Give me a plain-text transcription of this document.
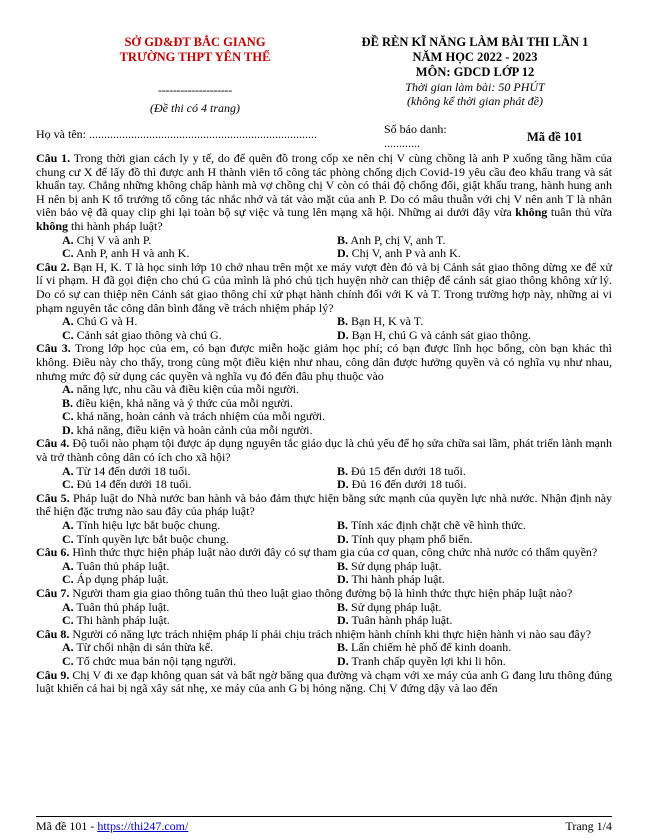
SỞ GD&ĐT BẮC GIANG
TRƯỜNG THPT YÊN THẾ
--------------------
(Đề thi có 4 trang)
ĐỀ RÈN KĨ NĂNG LÀM BÀI THI LẦN 1
NĂM HỌC 2022 - 2023
MÔN: GDCD LỚP 12
Thời gian làm bài: 50 PHÚT
(không kể thời gian phát đề)
Họ và tên: ............................................................................	Số báo danh:
............	Mã đề 101
Câu 1. Trong thời gian cách ly y tế, do để quên đồ trong cốp xe nên chị V cùng chồng là anh P xuống tầng hầm của chung cư X để lấy đồ thì được anh H thành viên tổ công tác phòng chống dịch Covid-19 yêu cầu đeo khẩu trang và sát khuẩn tay. Chẳng những không chấp hành mà vợ chồng chị V còn có thái độ chống đối, giật khẩu trang, hành hung anh H nên bị anh K tổ trưởng tổ công tác nhắc nhở và tát vào mặt của anh P. Do có mâu thuẫn với chị V nên anh T là nhân viên bảo vệ đã quay clip ghi lại toàn bộ sự việc và tung lên mạng xã hội. Những ai dưới đây vừa không tuân thủ vừa không thi hành pháp luật?
A. Chị V và anh P.	B. Anh P, chị V, anh T.
C. Anh P, anh H và anh K.	D. Chị V, anh P và anh K.
Câu 2. Bạn H, K. T là học sinh lớp 10 chở nhau trên một xe máy vượt đèn đỏ và bị Cảnh sát giao thông dừng xe để xử lí vi phạm. H đã gọi điện cho chú G của mình là phó chủ tịch huyện nhờ can thiệp để cảnh sát giao thông không xử lý. Do có sự can thiệp nên Cảnh sát giao thông chỉ xử phạt hành chính đối với K và T. Trong trường hợp này, những ai vi phạm nguyên tắc công dân bình đẳng về trách nhiệm pháp lý?
A. Chú G và H.	B. Bạn H, K và T.
C. Cảnh sát giao thông và chú G.	D. Bạn H, chú G và cảnh sát giao thông.
Câu 3. Trong lớp học của em, có bạn được miễn hoặc giảm học phí; có bạn được lĩnh học bổng, còn bạn khác thì không. Điều này cho thấy, trong cùng một điều kiện như nhau, công dân được hưởng quyền và có nghĩa vụ như nhau, nhưng mức độ sử dụng các quyền và nghĩa vụ đó đến đâu phụ thuộc vào
A. năng lực, nhu cầu và điều kiện của mỗi người.
B. điều kiện, khả năng và ý thức của mỗi người.
C. khả năng, hoàn cảnh và trách nhiệm của mỗi người.
D. khả năng, điều kiện và hoàn cảnh của mỗi người.
Câu 4. Độ tuổi nào phạm tội được áp dụng nguyên tắc giáo dục là chủ yếu để họ sửa chữa sai lầm, phát triển lành mạnh và trở thành công dân có ích cho xã hội?
A. Từ 14 đến dưới 18 tuổi.	B. Đủ 15 đến dưới 18 tuổi.
C. Đủ 14 đến dưới 18 tuổi.	D. Đủ 16 đến dưới 18 tuổi.
Câu 5. Pháp luật do Nhà nước ban hành và bảo đảm thực hiện bằng sức mạnh của quyền lực nhà nước. Nhận định này thể hiện đặc trưng nào sau đây của pháp luật?
A. Tính hiệu lực bắt buộc chung.	B. Tính xác định chặt chẽ về hình thức.
C. Tính quyền lực bắt buộc chung.	D. Tính quy phạm phổ biến.
Câu 6. Hình thức thực hiện pháp luật nào dưới đây có sự tham gia của cơ quan, công chức nhà nước có thẩm quyền?
A. Tuân thủ pháp luật.	B. Sử dụng pháp luật.
C. Áp dụng pháp luật.	D. Thi hành pháp luật.
Câu 7. Người tham gia giao thông tuân thủ theo luật giao thông đường bộ là hình thức thực hiện pháp luật nào?
A. Tuân thủ pháp luật.	B. Sử dụng pháp luật.
C. Thi hành pháp luật.	D. Tuân hành pháp luật.
Câu 8. Người có năng lực trách nhiệm pháp lí phải chịu trách nhiệm hành chính khi thực hiện hành vi nào sau đây?
A. Từ chối nhận di sản thừa kế.	B. Lấn chiếm hè phố để kinh doanh.
C. Tổ chức mua bán nội tạng người.	D. Tranh chấp quyền lợi khi li hôn.
Câu 9. Chị V đi xe đạp không quan sát và bất ngờ băng qua đường và chạm với xe máy của anh G đang lưu thông đúng luật khiến cả hai bị ngã xây sát nhẹ, xe máy của anh G bị hỏng nặng. Chị V đứng dậy và lao đến
Mã đề 101 - https://thi247.com/	Trang 1/4
